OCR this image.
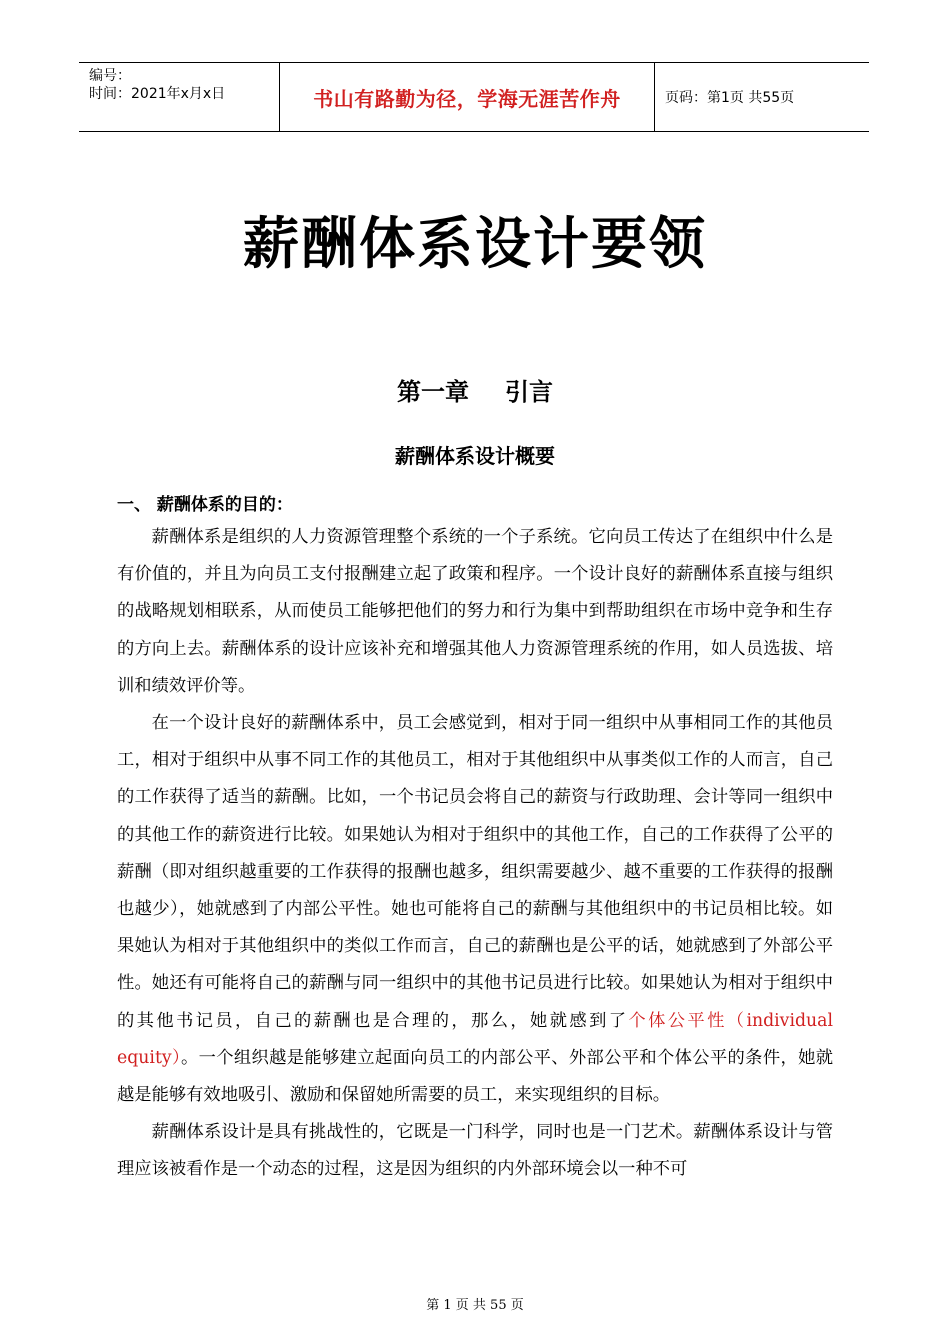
编号：
时间：2021年x月x日	书山有路勤为径，学海无涯苦作舟	页码：第1页 共55页
薪酬体系设计要领
第一章 引言
薪酬体系设计概要
一、 薪酬体系的目的：

薪酬体系是组织的人力资源管理整个系统的一个子系统。它向员工传达了在组织中什么是有价值的，并且为向员工支付报酬建立起了政策和程序。一个设计良好的薪酬体系直接与组织的战略规划相联系，从而使员工能够把他们的努力和行为集中到帮助组织在市场中竞争和生存的方向上去。薪酬体系的设计应该补充和增强其他人力资源管理系统的作用，如人员选拔、培训和绩效评价等。

在一个设计良好的薪酬体系中，员工会感觉到，相对于同一组织中从事相同工作的其他员工，相对于组织中从事不同工作的其他员工，相对于其他组织中从事类似工作的人而言，自己的工作获得了适当的薪酬。比如，一个书记员会将自己的薪资与行政助理、会计等同一组织中的其他工作的薪资进行比较。如果她认为相对于组织中的其他工作，自己的工作获得了公平的薪酬（即对组织越重要的工作获得的报酬也越多，组织需要越少、越不重要的工作获得的报酬也越少），她就感到了内部公平性。她也可能将自己的薪酬与其他组织中的书记员相比较。如果她认为相对于其他组织中的类似工作而言，自己的薪酬也是公平的话，她就感到了外部公平性。她还有可能将自己的薪酬与同一组织中的其他书记员进行比较。如果她认为相对于组织中的其他书记员，自己的薪酬也是合理的，那么，她就感到了个体公平性（individual equity）。一个组织越是能够建立起面向员工的内部公平、外部公平和个体公平的条件，她就越是能够有效地吸引、激励和保留她所需要的员工，来实现组织的目标。

薪酬体系设计是具有挑战性的，它既是一门科学，同时也是一门艺术。薪酬体系设计与管理应该被看作是一个动态的过程，这是因为组织的内外部环境会以一种不可

第 1 页 共 55 页
